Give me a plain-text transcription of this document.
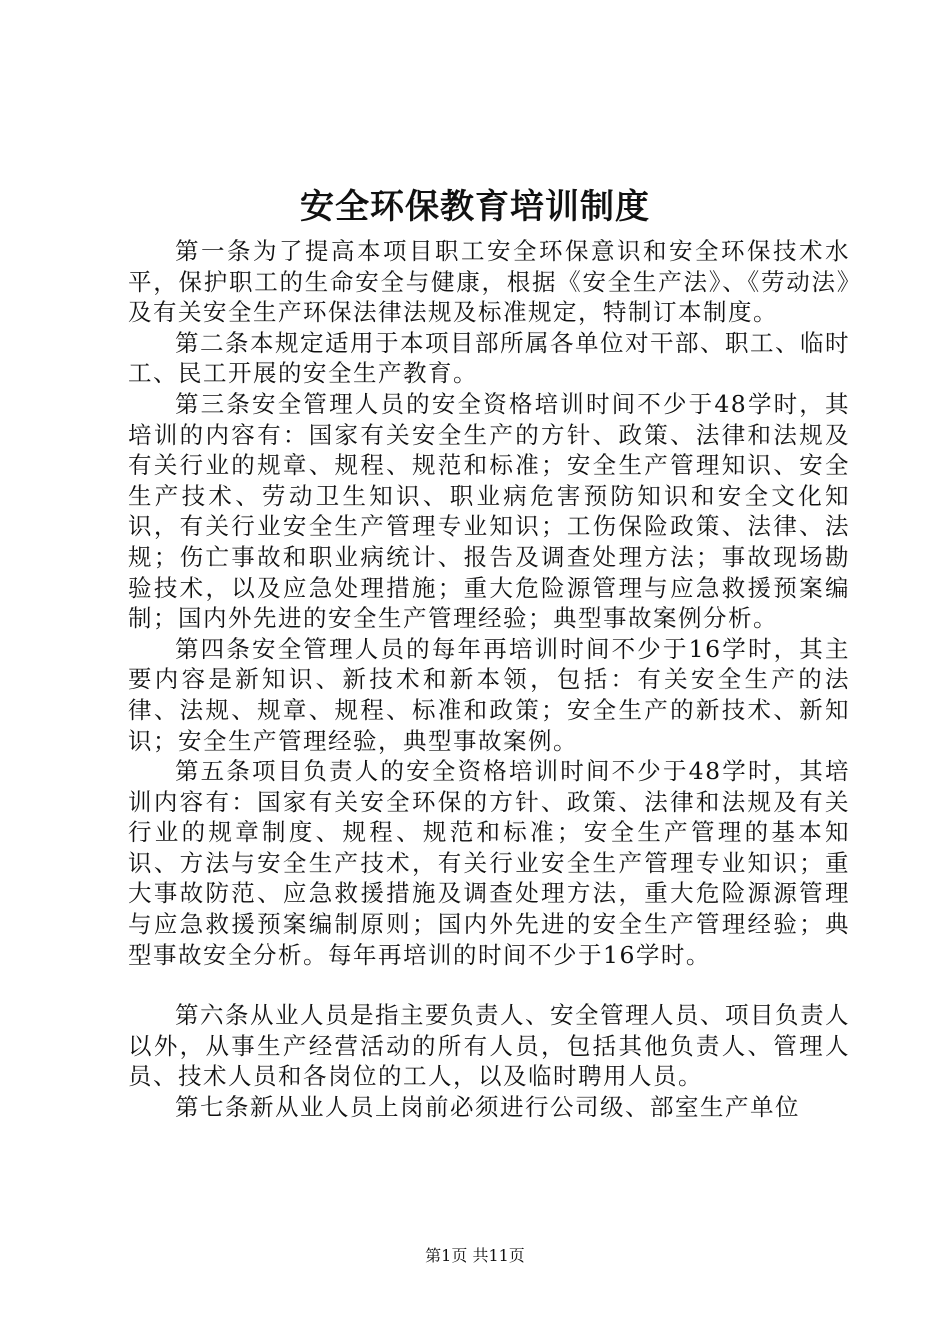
安全环保教育培训制度

第一条为了提高本项目职工安全环保意识和安全环保技术水平，保护职工的生命安全与健康，根据《安全生产法》、《劳动法》及有关安全生产环保法律法规及标准规定，特制订本制度。

第二条本规定适用于本项目部所属各单位对干部、职工、临时工、民工开展的安全生产教育。

第三条安全管理人员的安全资格培训时间不少于48学时，其培训的内容有：国家有关安全生产的方针、政策、法律和法规及有关行业的规章、规程、规范和标准；安全生产管理知识、安全生产技术、劳动卫生知识、职业病危害预防知识和安全文化知识，有关行业安全生产管理专业知识；工伤保险政策、法律、法规；伤亡事故和职业病统计、报告及调查处理方法；事故现场勘验技术，以及应急处理措施；重大危险源管理与应急救援预案编制；国内外先进的安全生产管理经验；典型事故案例分析。

第四条安全管理人员的每年再培训时间不少于16学时，其主要内容是新知识、新技术和新本领，包括：有关安全生产的法律、法规、规章、规程、标准和政策；安全生产的新技术、新知识；安全生产管理经验，典型事故案例。

第五条项目负责人的安全资格培训时间不少于48学时，其培训内容有：国家有关安全环保的方针、政策、法律和法规及有关行业的规章制度、规程、规范和标准；安全生产管理的基本知识、方法与安全生产技术，有关行业安全生产管理专业知识；重大事故防范、应急救援措施及调查处理方法，重大危险源源管理与应急救援预案编制原则；国内外先进的安全生产管理经验；典型事故安全分析。每年再培训的时间不少于16学时。

第六条从业人员是指主要负责人、安全管理人员、项目负责人以外，从事生产经营活动的所有人员，包括其他负责人、管理人员、技术人员和各岗位的工人，以及临时聘用人员。

第七条新从业人员上岗前必须进行公司级、部室生产单位

第1页 共11页
